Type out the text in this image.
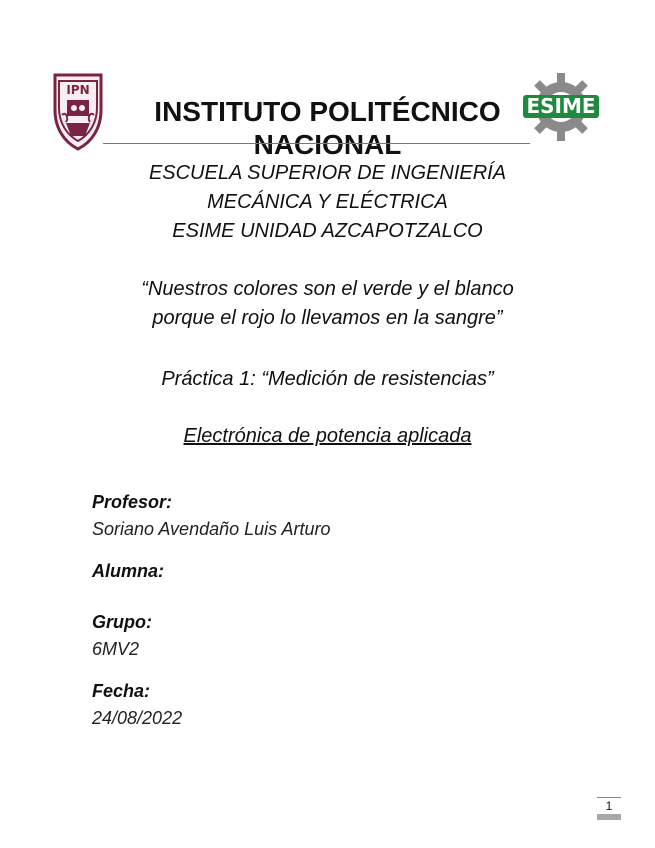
IPN
ESIME
INSTITUTO POLITÉCNICO NACIONAL
ESCUELA SUPERIOR DE INGENIERÍA
MECÁNICA Y ELÉCTRICA
ESIME UNIDAD AZCAPOTZALCO
“Nuestros colores son el verde y el blanco
porque el rojo lo llevamos en la sangre”
Práctica 1: “Medición de resistencias”
Electrónica de potencia aplicada
Profesor:
Soriano Avendaño Luis Arturo
Alumna:
Grupo:
6MV2
Fecha:
24/08/2022
1
